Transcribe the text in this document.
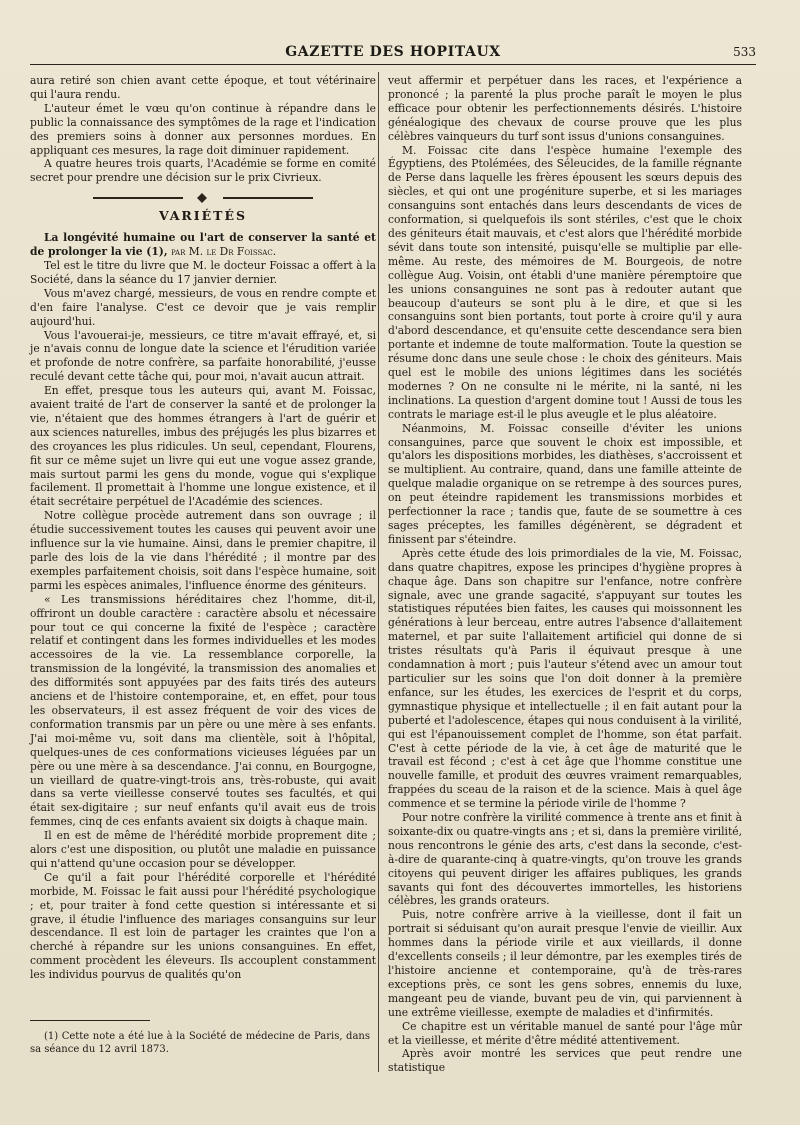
GAZETTE DES HOPITAUX	533

aura retiré son chien avant cette époque, et tout vétérinaire qui l'aura rendu.

L'auteur émet le vœu qu'on continue à répandre dans le public la connaissance des symptômes de la rage et l'indication des premiers soins à donner aux personnes mordues. En appliquant ces mesures, la rage doit diminuer rapidement.

A quatre heures trois quarts, l'Académie se forme en comité secret pour prendre une décision sur le prix Civrieux.

VARIÉTÉS

La longévité humaine ou l'art de conserver la santé et de prolonger la vie (1), par M. le Dr Foissac.

Tel est le titre du livre que M. le docteur Foissac a offert à la Société, dans la séance du 17 janvier dernier.

Vous m'avez chargé, messieurs, de vous en rendre compte et d'en faire l'analyse. C'est ce devoir que je vais remplir aujourd'hui.

Vous l'avouerai-je, messieurs, ce titre m'avait effrayé, et, si je n'avais connu de longue date la science et l'érudition variée et profonde de notre confrère, sa parfaite honorabilité, j'eusse reculé devant cette tâche qui, pour moi, n'avait aucun attrait.

En effet, presque tous les auteurs qui, avant M. Foissac, avaient traité de l'art de conserver la santé et de prolonger la vie, n'étaient que des hommes étrangers à l'art de guérir et aux sciences naturelles, imbus des préjugés les plus bizarres et des croyances les plus ridicules. Un seul, cependant, Flourens, fit sur ce même sujet un livre qui eut une vogue assez grande, mais surtout parmi les gens du monde, vogue qui s'explique facilement. Il promettait à l'homme une longue existence, et il était secrétaire perpétuel de l'Académie des sciences.

Notre collègue procède autrement dans son ouvrage ; il étudie successivement toutes les causes qui peuvent avoir une influence sur la vie humaine. Ainsi, dans le premier chapitre, il parle des lois de la vie dans l'hérédité ; il montre par des exemples parfaitement choisis, soit dans l'espèce humaine, soit parmi les espèces animales, l'influence énorme des géniteurs.

« Les transmissions héréditaires chez l'homme, dit-il, offriront un double caractère : caractère absolu et nécessaire pour tout ce qui concerne la fixité de l'espèce ; caractère relatif et contingent dans les formes individuelles et les modes accessoires de la vie. La ressemblance corporelle, la transmission de la longévité, la transmission des anomalies et des difformités sont appuyées par des faits tirés des auteurs anciens et de l'histoire contemporaine, et, en effet, pour tous les observateurs, il est assez fréquent de voir des vices de conformation transmis par un père ou une mère à ses enfants. J'ai moi-même vu, soit dans ma clientèle, soit à l'hôpital, quelques-unes de ces conformations vicieuses léguées par un père ou une mère à sa descendance. J'ai connu, en Bourgogne, un vieillard de quatre-vingt-trois ans, très-robuste, qui avait dans sa verte vieillesse conservé toutes ses facultés, et qui était sex-digitaire ; sur neuf enfants qu'il avait eus de trois femmes, cinq de ces enfants avaient six doigts à chaque main.

Il en est de même de l'hérédité morbide proprement dite ; alors c'est une disposition, ou plutôt une maladie en puissance qui n'attend qu'une occasion pour se développer.

Ce qu'il a fait pour l'hérédité corporelle et l'hérédité morbide, M. Foissac le fait aussi pour l'hérédité psychologique ; et, pour traiter à fond cette question si intéressante et si grave, il étudie l'influence des mariages consanguins sur leur descendance. Il est loin de partager les craintes que l'on a cherché à répandre sur les unions consanguines. En effet, comment procèdent les éleveurs. Ils accouplent constamment les individus pourvus de qualités qu'on

veut affermir et perpétuer dans les races, et l'expérience a prononcé ; la parenté la plus proche paraît le moyen le plus efficace pour obtenir les perfectionnements désirés. L'histoire généalogique des chevaux de course prouve que les plus célèbres vainqueurs du turf sont issus d'unions consanguines.

M. Foissac cite dans l'espèce humaine l'exemple des Égyptiens, des Ptolémées, des Séleucides, de la famille régnante de Perse dans laquelle les frères épousent les sœurs depuis des siècles, et qui ont une progéniture superbe, et si les mariages consanguins sont entachés dans leurs descendants de vices de conformation, si quelquefois ils sont stériles, c'est que le choix des géniteurs était mauvais, et c'est alors que l'hérédité morbide sévit dans toute son intensité, puisqu'elle se multiplie par elle-même. Au reste, des mémoires de M. Bourgeois, de notre collègue Aug. Voisin, ont établi d'une manière péremptoire que les unions consanguines ne sont pas à redouter autant que beaucoup d'auteurs se sont plu à le dire, et que si les consanguins sont bien portants, tout porte à croire qu'il y aura d'abord descendance, et qu'ensuite cette descendance sera bien portante et indemne de toute malformation. Toute la question se résume donc dans une seule chose : le choix des géniteurs. Mais quel est le mobile des unions légitimes dans les sociétés modernes ? On ne consulte ni le mérite, ni la santé, ni les inclinations. La question d'argent domine tout ! Aussi de tous les contrats le mariage est-il le plus aveugle et le plus aléatoire.

Néanmoins, M. Foissac conseille d'éviter les unions consanguines, parce que souvent le choix est impossible, et qu'alors les dispositions morbides, les diathèses, s'accroissent et se multiplient. Au contraire, quand, dans une famille atteinte de quelque maladie organique on se retrempe à des sources pures, on peut éteindre rapidement les transmissions morbides et perfectionner la race ; tandis que, faute de se soumettre à ces sages préceptes, les familles dégénèrent, se dégradent et finissent par s'éteindre.

Après cette étude des lois primordiales de la vie, M. Foissac, dans quatre chapitres, expose les principes d'hygiène propres à chaque âge. Dans son chapitre sur l'enfance, notre confrère signale, avec une grande sagacité, s'appuyant sur toutes les statistiques réputées bien faites, les causes qui moissonnent les générations à leur berceau, entre autres l'absence d'allaitement maternel, et par suite l'allaitement artificiel qui donne de si tristes résultats qu'à Paris il équivaut presque à une condamnation à mort ; puis l'auteur s'étend avec un amour tout particulier sur les soins que l'on doit donner à la première enfance, sur les études, les exercices de l'esprit et du corps, gymnastique physique et intellectuelle ; il en fait autant pour la puberté et l'adolescence, étapes qui nous conduisent à la virilité, qui est l'épanouissement complet de l'homme, son état parfait. C'est à cette période de la vie, à cet âge de maturité que le travail est fécond ; c'est à cet âge que l'homme constitue une nouvelle famille, et produit des œuvres vraiment remarquables, frappées du sceau de la raison et de la science. Mais à quel âge commence et se termine la période virile de l'homme ?

Pour notre confrère la virilité commence à trente ans et finit à soixante-dix ou quatre-vingts ans ; et si, dans la première virilité, nous rencontrons le génie des arts, c'est dans la seconde, c'est-à-dire de quarante-cinq à quatre-vingts, qu'on trouve les grands citoyens qui peuvent diriger les affaires publiques, les grands savants qui font des découvertes immortelles, les historiens célèbres, les grands orateurs.

Puis, notre confrère arrive à la vieillesse, dont il fait un portrait si séduisant qu'on aurait presque l'envie de vieillir. Aux hommes dans la période virile et aux vieillards, il donne d'excellents conseils ; il leur démontre, par les exemples tirés de l'histoire ancienne et contemporaine, qu'à de très-rares exceptions près, ce sont les gens sobres, ennemis du luxe, mangeant peu de viande, buvant peu de vin, qui parviennent à une extrême vieillesse, exempte de maladies et d'infirmités.

Ce chapitre est un véritable manuel de santé pour l'âge mûr et la vieillesse, et mérite d'être médité attentivement.

Après avoir montré les services que peut rendre une statistique

(1) Cette note a été lue à la Société de médecine de Paris, dans sa séance du 12 avril 1873.
